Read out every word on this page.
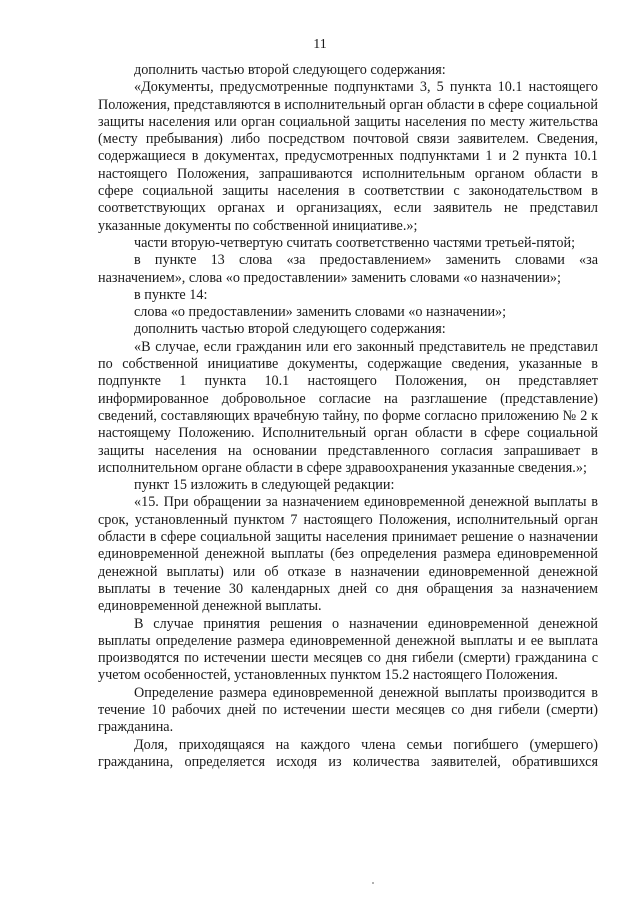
11

дополнить частью второй следующего содержания:

«Документы, предусмотренные подпунктами 3, 5 пункта 10.1 настоящего Положения, представляются в исполнительный орган области в сфере социальной защиты населения или орган социальной защиты населения по месту жительства (месту пребывания) либо посредством почтовой связи заявителем. Сведения, содержащиеся в документах, предусмотренных подпунктами 1 и 2 пункта 10.1 настоящего Положения, запрашиваются исполнительным органом области в сфере социальной защиты населения в соответствии с законодательством в соответствующих органах и организациях, если заявитель не представил указанные документы по собственной инициативе.»;

части вторую-четвертую считать соответственно частями третьей-пятой;

в пункте 13 слова «за предоставлением» заменить словами «за назначением», слова «о предоставлении» заменить словами «о назначении»;

в пункте 14:

слова «о предоставлении» заменить словами «о назначении»;

дополнить частью второй следующего содержания:

«В случае, если гражданин или его законный представитель не представил по собственной инициативе документы, содержащие сведения, указанные в подпункте 1 пункта 10.1 настоящего Положения, он представляет информированное добровольное согласие на разглашение (представление) сведений, составляющих врачебную тайну, по форме согласно приложению № 2 к настоящему Положению. Исполнительный орган области в сфере социальной защиты населения на основании представленного согласия запрашивает в исполнительном органе области в сфере здравоохранения указанные сведения.»;

пункт 15 изложить в следующей редакции:

«15. При обращении за назначением единовременной денежной выплаты в срок, установленный пунктом 7 настоящего Положения, исполнительный орган области в сфере социальной защиты населения принимает решение о назначении единовременной денежной выплаты (без определения размера единовременной денежной выплаты) или об отказе в назначении единовременной денежной выплаты в течение 30 календарных дней со дня обращения за назначением единовременной денежной выплаты.

В случае принятия решения о назначении единовременной денежной выплаты определение размера единовременной денежной выплаты и ее выплата производятся по истечении шести месяцев со дня гибели (смерти) гражданина с учетом особенностей, установленных пунктом 15.2 настоящего Положения.

Определение размера единовременной денежной выплаты производится в течение 10 рабочих дней по истечении шести месяцев со дня гибели (смерти) гражданина.

Доля, приходящаяся на каждого члена семьи погибшего (умершего) гражданина, определяется исходя из количества заявителей, обратившихся
